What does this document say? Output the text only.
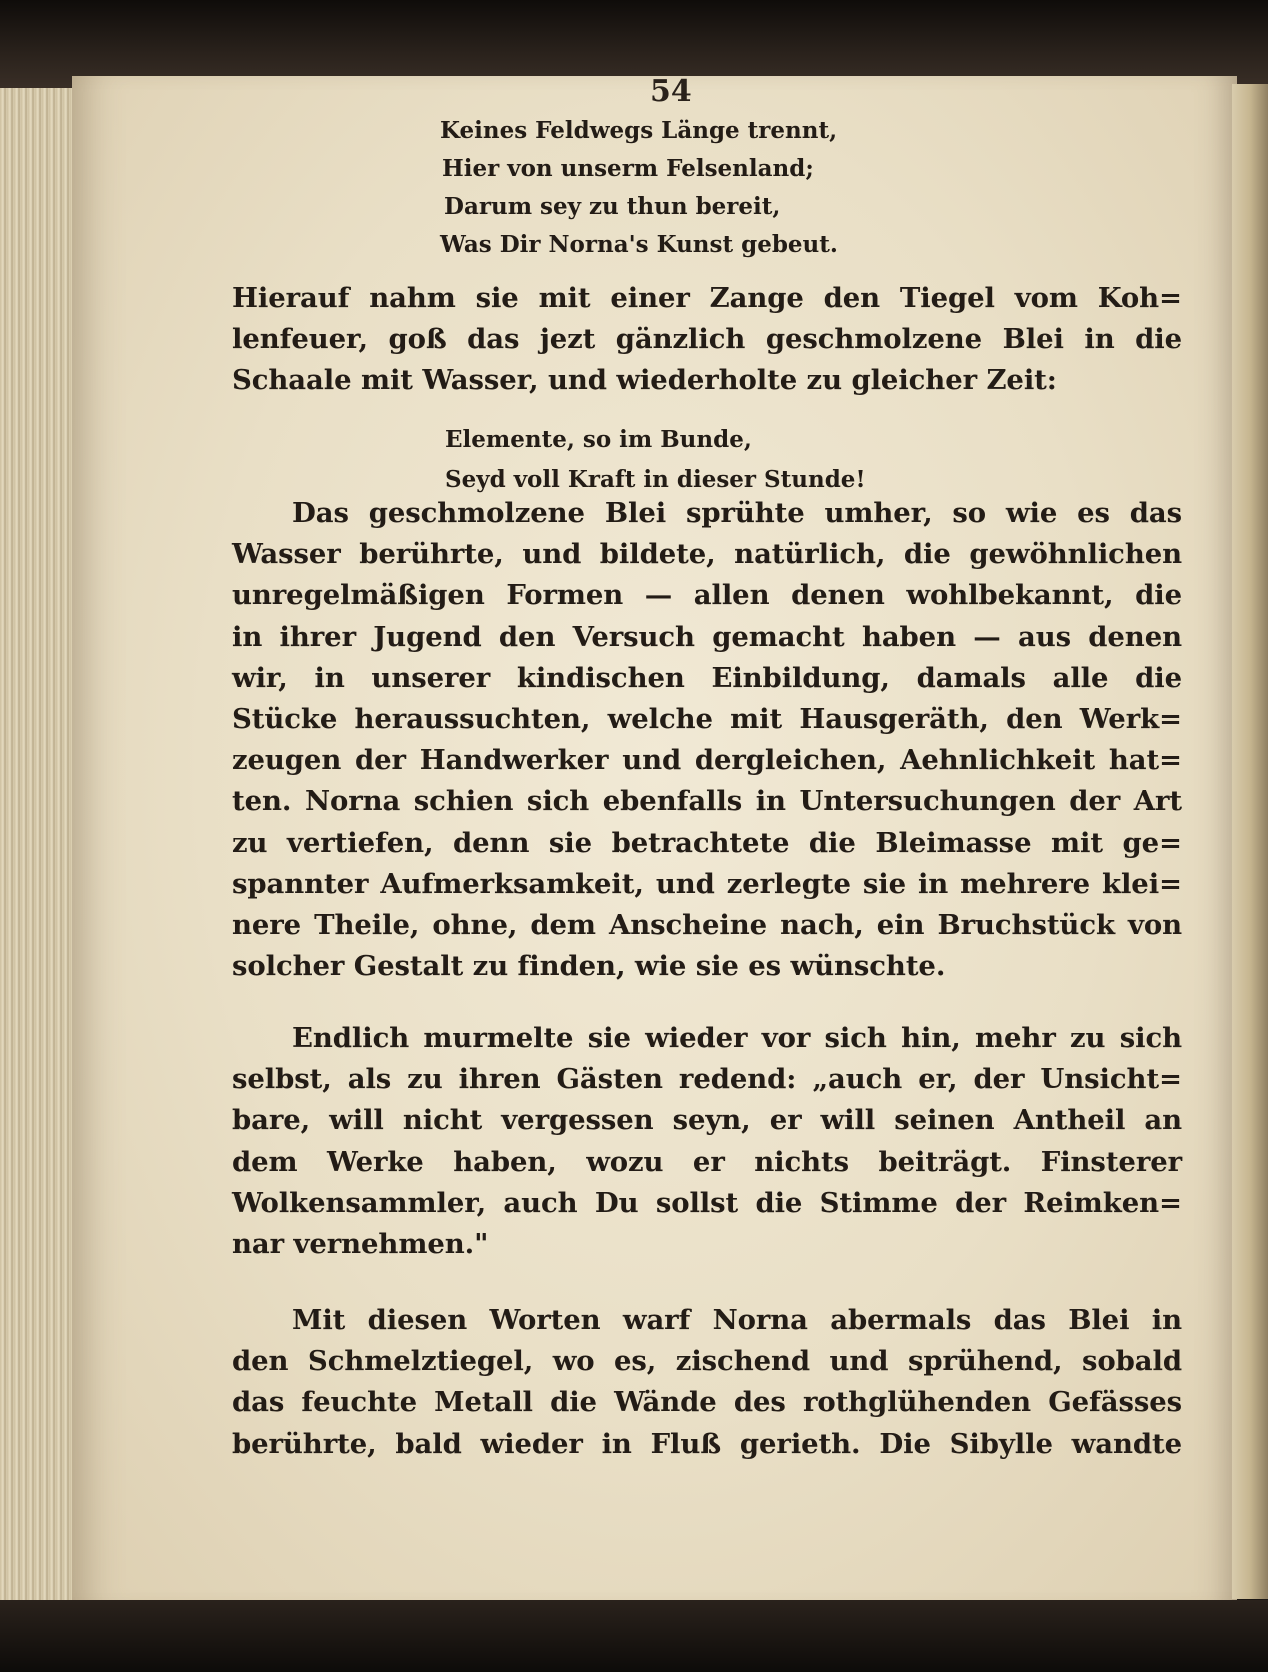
54
Keines Feldwegs Länge trennt,
Hier von unserm Felsenland;
Darum sey zu thun bereit,
Was Dir Norna's Kunst gebeut.
Hierauf nahm sie mit einer Zange den Tiegel vom Koh=
lenfeuer, goß das jezt gänzlich geschmolzene Blei in die
Schaale mit Wasser, und wiederholte zu gleicher Zeit:
Elemente, so im Bunde,
Seyd voll Kraft in dieser Stunde!
Das geschmolzene Blei sprühte umher, so wie es das
Wasser berührte, und bildete, natürlich, die gewöhnlichen
unregelmäßigen Formen — allen denen wohlbekannt, die
in ihrer Jugend den Versuch gemacht haben — aus denen
wir, in unserer kindischen Einbildung, damals alle die
Stücke heraussuchten, welche mit Hausgeräth, den Werk=
zeugen der Handwerker und dergleichen, Aehnlichkeit hat=
ten. Norna schien sich ebenfalls in Untersuchungen der Art
zu vertiefen, denn sie betrachtete die Bleimasse mit ge=
spannter Aufmerksamkeit, und zerlegte sie in mehrere klei=
nere Theile, ohne, dem Anscheine nach, ein Bruchstück von
solcher Gestalt zu finden, wie sie es wünschte.
Endlich murmelte sie wieder vor sich hin, mehr zu sich
selbst, als zu ihren Gästen redend: „auch er, der Unsicht=
bare, will nicht vergessen seyn, er will seinen Antheil an
dem Werke haben, wozu er nichts beiträgt. Finsterer
Wolkensammler, auch Du sollst die Stimme der Reimken=
nar vernehmen."
Mit diesen Worten warf Norna abermals das Blei in
den Schmelztiegel, wo es, zischend und sprühend, sobald
das feuchte Metall die Wände des rothglühenden Gefässes
berührte, bald wieder in Fluß gerieth. Die Sibylle wandte
